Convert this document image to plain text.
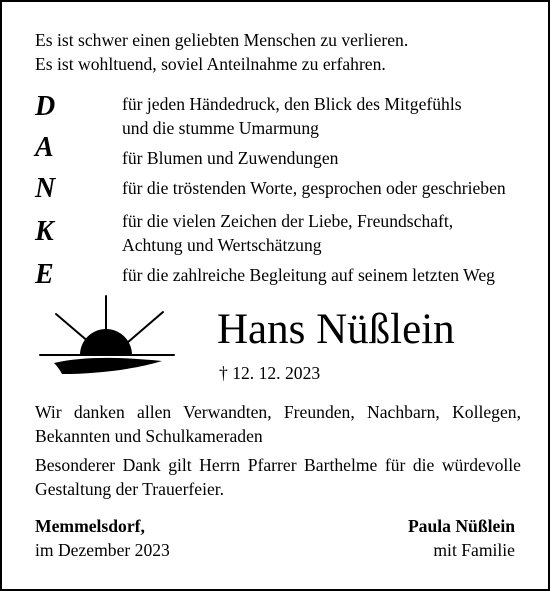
Es ist schwer einen geliebten Menschen zu verlieren.
Es ist wohltuend, soviel Anteilnahme zu erfahren.
D	für jeden Händedruck, den Blick des Mitgefühls
und die stumme Umarmung
A	für Blumen und Zuwendungen
N	für die tröstenden Worte, gesprochen oder geschrieben
K	für die vielen Zeichen der Liebe, Freundschaft,
Achtung und Wertschätzung
E	für die zahlreiche Begleitung auf seinem letzten Weg
Hans Nüßlein
† 12. 12. 2023
Wir danken allen Verwandten, Freunden, Nachbarn, Kollegen,
Bekannten und Schulkameraden
Besonderer Dank gilt Herrn Pfarrer Barthelme für die würdevolle
Gestaltung der Trauerfeier.
Memmelsdorf,
im Dezember 2023
Paula Nüßlein
mit Familie
